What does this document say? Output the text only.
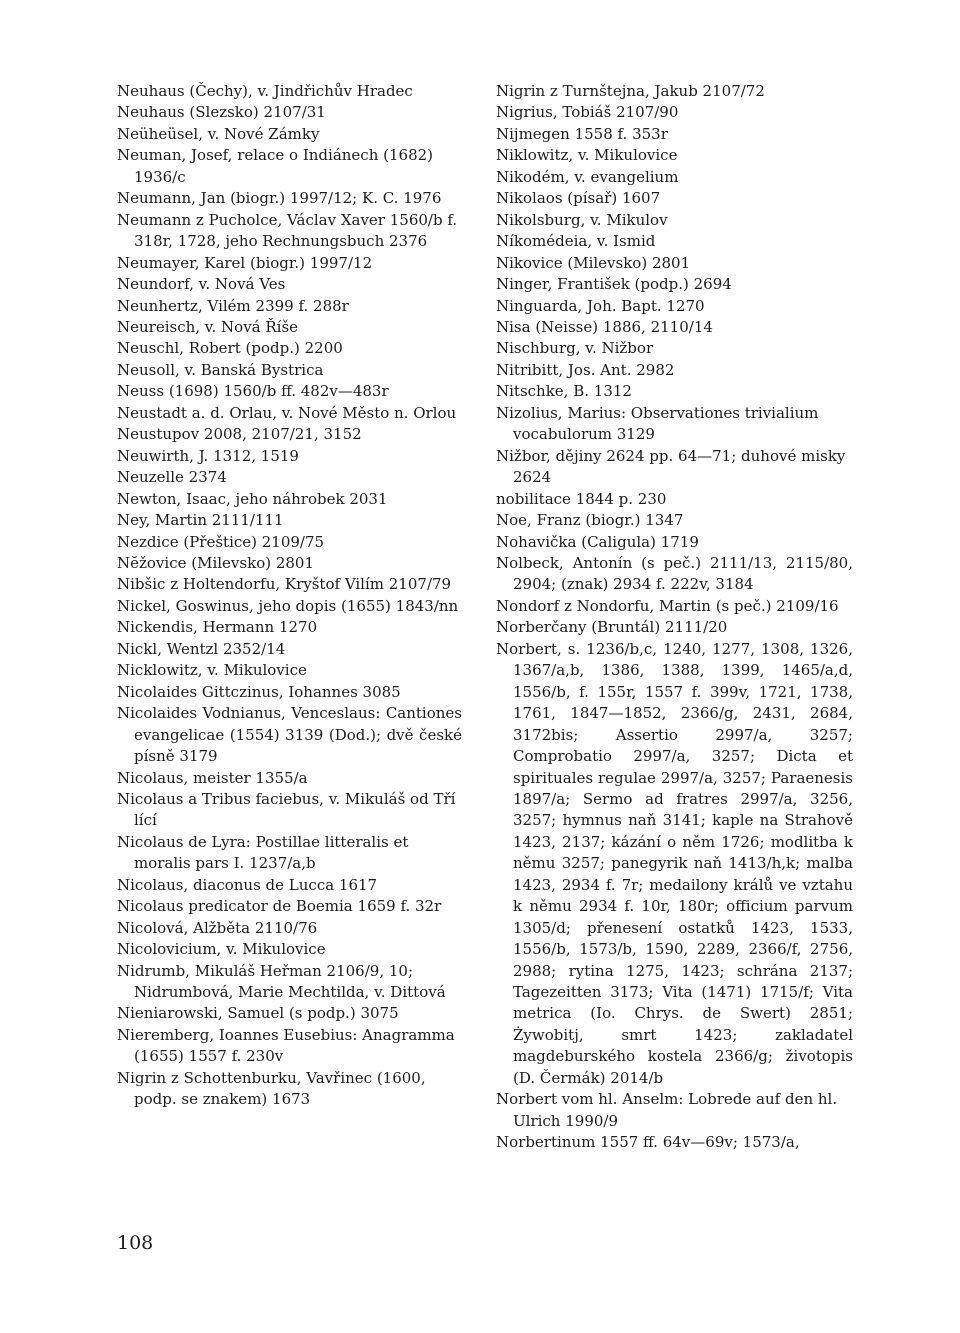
Neuhaus (Čechy), v. Jindřichův Hradec

Neuhaus (Slezsko) 2107/31

Neüheüsel, v. Nové Zámky

Neuman, Josef, relace o Indiánech (1682) 1936/c

Neumann, Jan (biogr.) 1997/12; K. C. 1976

Neumann z Pucholce, Václav Xaver 1560/b f. 318r, 1728, jeho Rechnungsbuch 2376

Neumayer, Karel (biogr.) 1997/12

Neundorf, v. Nová Ves

Neunhertz, Vilém 2399 f. 288r

Neureisch, v. Nová Říše

Neuschl, Robert (podp.) 2200

Neusoll, v. Banská Bystrica

Neuss (1698) 1560/b ff. 482v—483r

Neustadt a. d. Orlau, v. Nové Město n. Orlou

Neustupov 2008, 2107/21, 3152

Neuwirth, J. 1312, 1519

Neuzelle 2374

Newton, Isaac, jeho náhrobek 2031

Ney, Martin 2111/111

Nezdice (Přeštice) 2109/75

Nĕžovice (Milevsko) 2801

Nibšic z Holtendorfu, Kryštof Vilím 2107/79

Nickel, Goswinus, jeho dopis (1655) 1843/nn

Nickendis, Hermann 1270

Nickl, Wentzl 2352/14

Nicklowitz, v. Mikulovice

Nicolaides Gittczinus, Iohannes 3085

Nicolaides Vodnianus, Venceslaus: Cantiones evangelicae (1554) 3139 (Dod.); dvě české písně 3179

Nicolaus, meister 1355/a

Nicolaus a Tribus faciebus, v. Mikuláš od Tří lící

Nicolaus de Lyra: Postillae litteralis et moralis pars I. 1237/a,b

Nicolaus, diaconus de Lucca 1617

Nicolaus predicator de Boemia 1659 f. 32r

Nicolová, Alžběta 2110/76

Nicolovicium, v. Mikulovice

Nidrumb, Mikuláš Heřman 2106/9, 10; Nidrumbová, Marie Mechtilda, v. Dittová

Nieniarowski, Samuel (s podp.) 3075

Nieremberg, Ioannes Eusebius: Anagramma (1655) 1557 f. 230v

Nigrin z Schottenburku, Vavřinec (1600, podp. se znakem) 1673

Nigrin z Turnštejna, Jakub 2107/72

Nigrius, Tobiáš 2107/90

Nijmegen 1558 f. 353r

Niklowitz, v. Mikulovice

Nikodém, v. evangelium

Nikolaos (písař) 1607

Nikolsburg, v. Mikulov

Níkomédeia, v. Ismid

Nikovice (Milevsko) 2801

Ninger, František (podp.) 2694

Ninguarda, Joh. Bapt. 1270

Nisa (Neisse) 1886, 2110/14

Nischburg, v. Nižbor

Nitribitt, Jos. Ant. 2982

Nitschke, B. 1312

Nizolius, Marius: Observationes trivialium vocabulorum 3129

Nižbor, dějiny 2624 pp. 64—71; duhové misky 2624

nobilitace 1844 p. 230

Noe, Franz (biogr.) 1347

Nohavička (Caligula) 1719

Nolbeck, Antonín (s peč.) 2111/13, 2115/80, 2904; (znak) 2934 f. 222v, 3184

Nondorf z Nondorfu, Martin (s peč.) 2109/16

Norberčany (Bruntál) 2111/20

Norbert, s. 1236/b,c, 1240, 1277, 1308, 1326, 1367/a,b, 1386, 1388, 1399, 1465/a,d, 1556/b, f. 155r, 1557 f. 399v, 1721, 1738, 1761, 1847—1852, 2366/g, 2431, 2684, 3172bis; Assertio 2997/a, 3257; Comprobatio 2997/a, 3257; Dicta et spirituales regulae 2997/a, 3257; Paraenesis 1897/a; Sermo ad fratres 2997/a, 3256, 3257; hymnus naň 3141; kaple na Strahově 1423, 2137; kázání o něm 1726; modlitba k němu 3257; panegyrik naň 1413/h,k; malba 1423, 2934 f. 7r; medailony králů ve vztahu k němu 2934 f. 10r, 180r; officium parvum 1305/d; přenesení ostatků 1423, 1533, 1556/b, 1573/b, 1590, 2289, 2366/f, 2756, 2988; rytina 1275, 1423; schrána 2137; Tagezeitten 3173; Vita (1471) 1715/f; Vita metrica (Io. Chrys. de Swert) 2851; Żywobitj, smrt 1423; zakladatel magdeburského kostela 2366/g; životopis (D. Čermák) 2014/b

Norbert vom hl. Anselm: Lobrede auf den hl. Ulrich 1990/9

Norbertinum 1557 ff. 64v—69v; 1573/a,

108
